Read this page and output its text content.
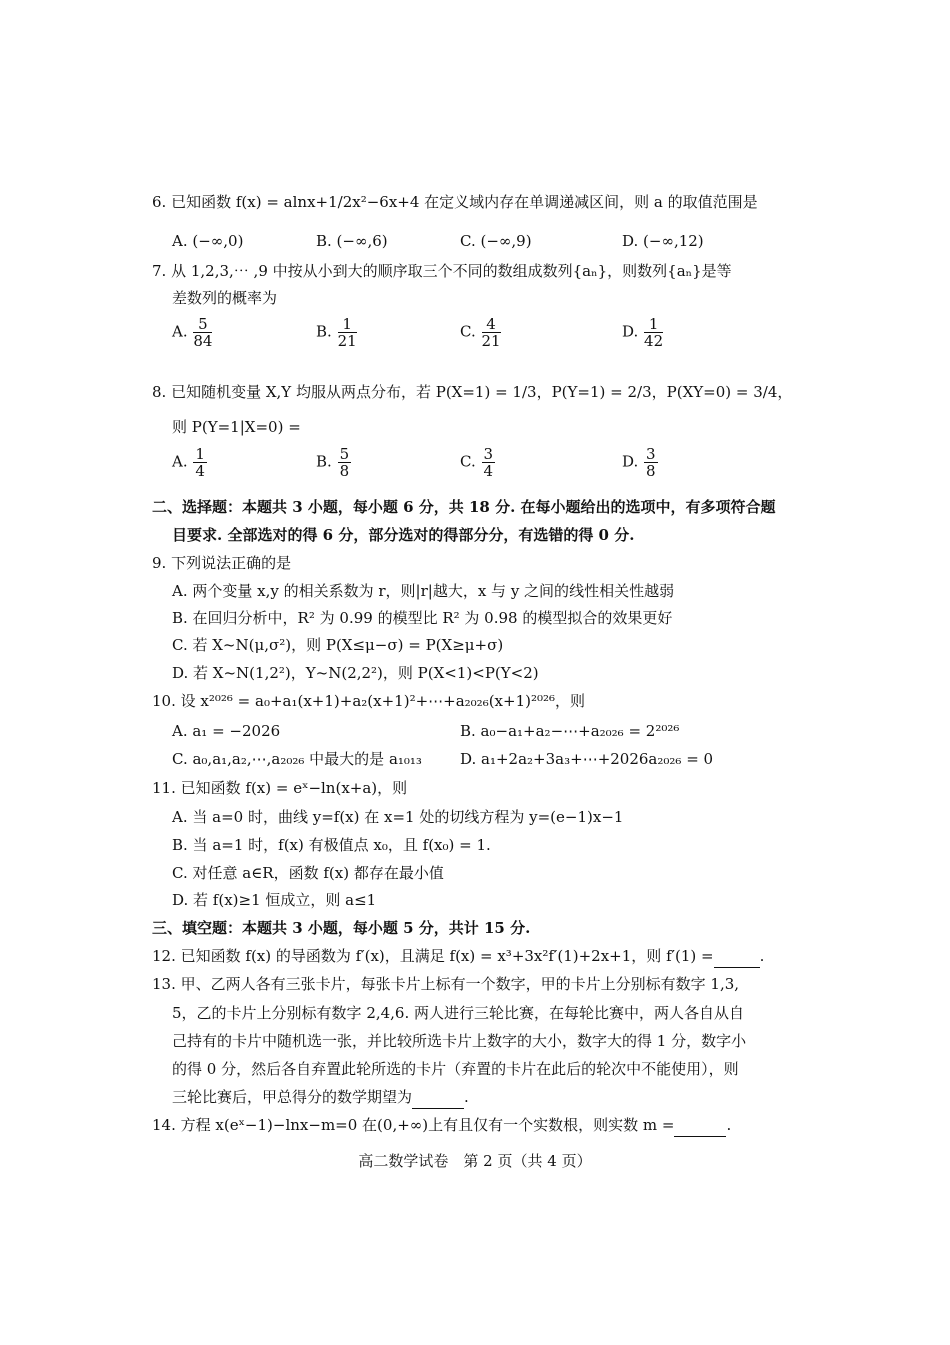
6. 已知函数 f(x) = alnx+1/2x²−6x+4 在定义域内存在单调递减区间，则 a 的取值范围是
A. (−∞,0)	B. (−∞,6)	C. (−∞,9)	D. (−∞,12)
7. 从 1,2,3,⋯ ,9 中按从小到大的顺序取三个不同的数组成数列{aₙ}，则数列{aₙ}是等
差数列的概率为
A. $\frac{5}{84}$	B. $\frac{1}{21}$	C. $\frac{4}{21}$	D. $\frac{1}{42}$
8. 已知随机变量 X,Y 均服从两点分布，若 P(X=1) = 1/3，P(Y=1) = 2/3，P(XY=0) = 3/4，
则 P(Y=1|X=0) =
A. $\frac{1}{4}$	B. $\frac{5}{8}$	C. $\frac{3}{4}$	D. $\frac{3}{8}$
二、选择题：本题共 3 小题，每小题 6 分，共 18 分. 在每小题给出的选项中，有多项符合题
目要求. 全部选对的得 6 分，部分选对的得部分分，有选错的得 0 分.
9. 下列说法正确的是
A. 两个变量 x,y 的相关系数为 r，则|r|越大，x 与 y 之间的线性相关性越弱
B. 在回归分析中，R² 为 0.99 的模型比 R² 为 0.98 的模型拟合的效果更好
C. 若 X~N(μ,σ²)，则 P(X≤μ−σ) = P(X≥μ+σ)
D. 若 X~N(1,2²)，Y~N(2,2²)，则 P(X<1)<P(Y<2)
10. 设 x²⁰²⁶ = a₀+a₁(x+1)+a₂(x+1)²+⋯+a₂₀₂₆(x+1)²⁰²⁶，则
A. a₁ = −2026	B. a₀−a₁+a₂−⋯+a₂₀₂₆ = 2²⁰²⁶
C. a₀,a₁,a₂,⋯,a₂₀₂₆ 中最大的是 a₁₀₁₃	D. a₁+2a₂+3a₃+⋯+2026a₂₀₂₆ = 0
11. 已知函数 f(x) = eˣ−ln(x+a)，则
A. 当 a=0 时，曲线 y=f(x) 在 x=1 处的切线方程为 y=(e−1)x−1
B. 当 a=1 时，f(x) 有极值点 x₀，且 f(x₀) = 1.
C. 对任意 a∈R，函数 f(x) 都存在最小值
D. 若 f(x)≥1 恒成立，则 a≤1
三、填空题：本题共 3 小题，每小题 5 分，共计 15 分.
12. 已知函数 f(x) 的导函数为 f′(x)，且满足 f(x) = x³+3x²f′(1)+2x+1，则 f′(1) =	.
13. 甲、乙两人各有三张卡片，每张卡片上标有一个数字，甲的卡片上分别标有数字 1,3,
5，乙的卡片上分别标有数字 2,4,6. 两人进行三轮比赛，在每轮比赛中，两人各自从自
己持有的卡片中随机选一张，并比较所选卡片上数字的大小，数字大的得 1 分，数字小
的得 0 分，然后各自弃置此轮所选的卡片（弃置的卡片在此后的轮次中不能使用），则
三轮比赛后，甲总得分的数学期望为	.
14. 方程 x(eˣ−1)−lnx−m=0 在(0,+∞)上有且仅有一个实数根，则实数 m =	.
高二数学试卷　第 2 页（共 4 页）
